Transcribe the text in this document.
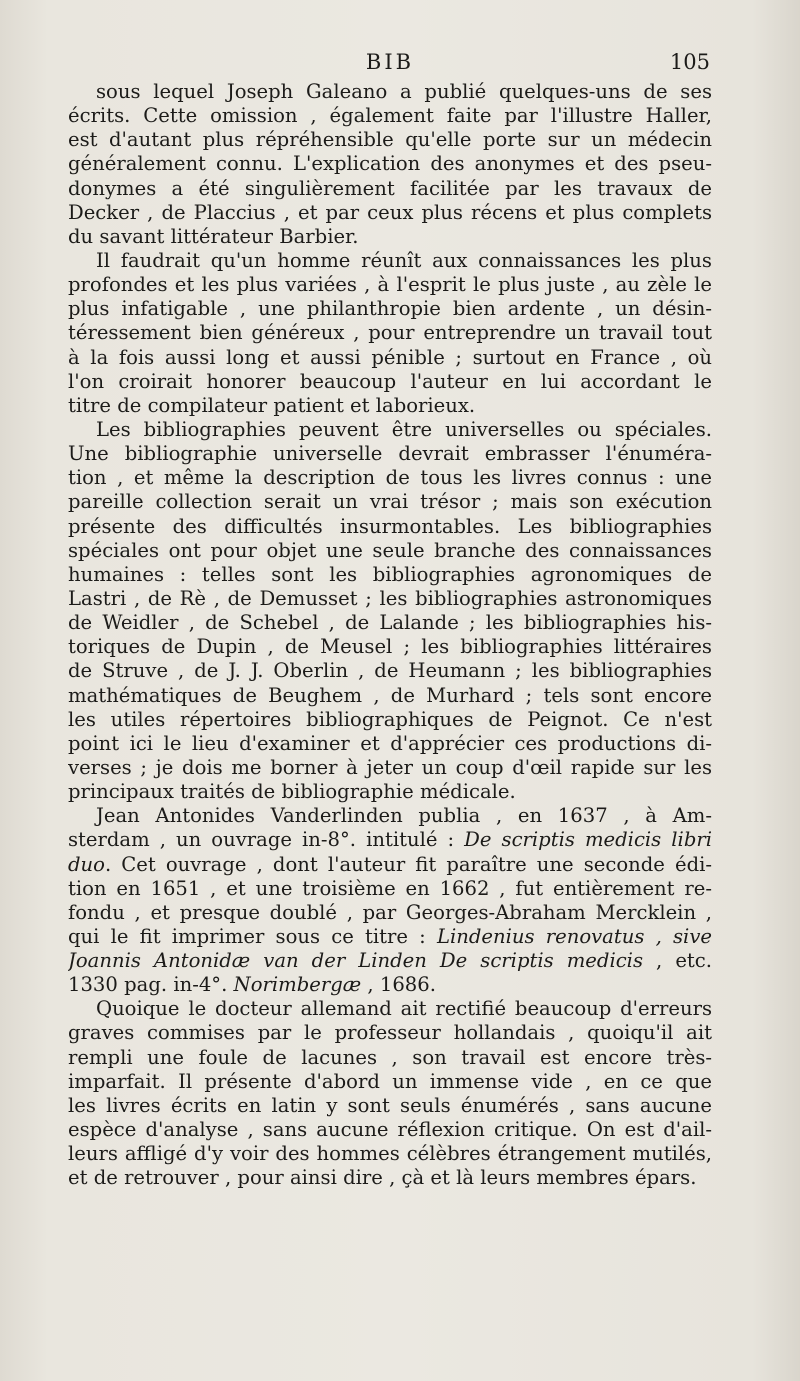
BIB	105
sous lequel Joseph Galeano a publié quelques-uns de ses
écrits. Cette omission , également faite par l'illustre Haller,
est d'autant plus répréhensible qu'elle porte sur un médecin
généralement connu. L'explication des anonymes et des pseu-
donymes a été singulièrement facilitée par les travaux de
Decker , de Placcius , et par ceux plus récens et plus complets
du savant littérateur Barbier.
Il faudrait qu'un homme réunît aux connaissances les plus
profondes et les plus variées , à l'esprit le plus juste , au zèle le
plus infatigable , une philanthropie bien ardente , un désin-
téressement bien généreux , pour entreprendre un travail tout
à la fois aussi long et aussi pénible ; surtout en France , où
l'on croirait honorer beaucoup l'auteur en lui accordant le
titre de compilateur patient et laborieux.
Les bibliographies peuvent être universelles ou spéciales.
Une bibliographie universelle devrait embrasser l'énuméra-
tion , et même la description de tous les livres connus : une
pareille collection serait un vrai trésor ; mais son exécution
présente des difficultés insurmontables. Les bibliographies
spéciales ont pour objet une seule branche des connaissances
humaines : telles sont les bibliographies agronomiques de
Lastri , de Rè , de Demusset ; les bibliographies astronomiques
de Weidler , de Schebel , de Lalande ; les bibliographies his-
toriques de Dupin , de Meusel ; les bibliographies littéraires
de Struve , de J. J. Oberlin , de Heumann ; les bibliographies
mathématiques de Beughem , de Murhard ; tels sont encore
les utiles répertoires bibliographiques de Peignot. Ce n'est
point ici le lieu d'examiner et d'apprécier ces productions di-
verses ; je dois me borner à jeter un coup d'œil rapide sur les
principaux traités de bibliographie médicale.
Jean Antonides Vanderlinden publia , en 1637 , à Am-
sterdam , un ouvrage in-8°. intitulé : De scriptis medicis libri
duo. Cet ouvrage , dont l'auteur fit paraître une seconde édi-
tion en 1651 , et une troisième en 1662 , fut entièrement re-
fondu , et presque doublé , par Georges-Abraham Mercklein ,
qui le fit imprimer sous ce titre : Lindenius renovatus , sive
Joannis Antonidæ van der Linden De scriptis medicis , etc.
1330 pag. in-4°. Norimbergæ , 1686.
Quoique le docteur allemand ait rectifié beaucoup d'erreurs
graves commises par le professeur hollandais , quoiqu'il ait
rempli une foule de lacunes , son travail est encore très-
imparfait. Il présente d'abord un immense vide , en ce que
les livres écrits en latin y sont seuls énumérés , sans aucune
espèce d'analyse , sans aucune réflexion critique. On est d'ail-
leurs affligé d'y voir des hommes célèbres étrangement mutilés,
et de retrouver , pour ainsi dire , çà et là leurs membres épars.
